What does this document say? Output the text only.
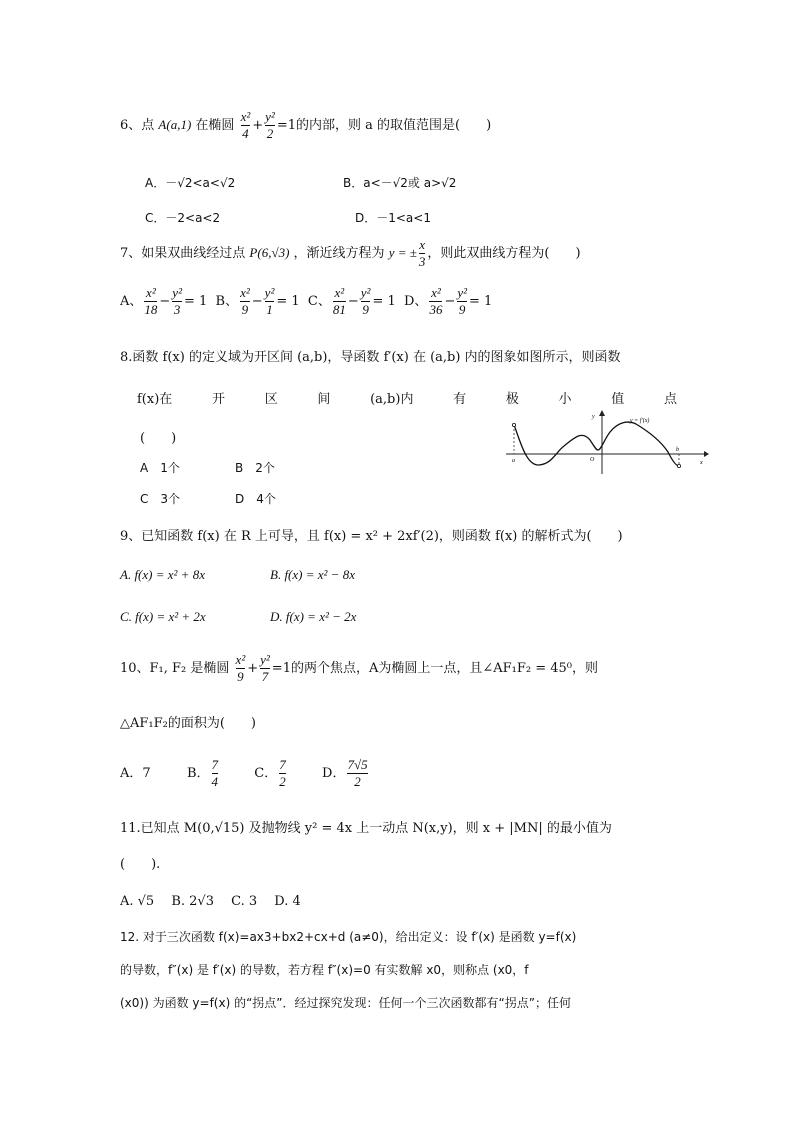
6、点 A(a,1) 在椭圆 $\frac{\text{x²}}{4} + \frac{\text{y²}}{2} =1$的内部，则 a 的取值范围是(　　)
A．－√2<a<√2	B．a<－√2或 a>√2
C．－2<a<2	D．－1<a<1
7、如果双曲线经过点 P(6,√3) ，渐近线方程为 y = ± $\frac{x}{3}$ ，则此双曲线方程为(　　)
A、 $\frac{\text{x²}}{18} - \frac{\text{y²}}{3} = 1$ B、 $\frac{\text{x²}}{9} - \frac{\text{y²}}{1} = 1$ C、 $\frac{\text{x²}}{81} - \frac{\text{y²}}{9} = 1$ D、 $\frac{\text{x²}}{36} - \frac{\text{y²}}{9} = 1$
8.函数 f(x) 的定义域为开区间 (a,b)，导函数 f′(x) 在 (a,b) 内的图象如图所示，则函数
f(x)在	开	区	间	(a,b)内	有	极	小	值	点
(　　)
A　1个	B　2个
C　3个	D　4个
a
b
O
y
x
y = f′(x)
9、已知函数 f(x) 在 R 上可导，且 f(x) = x² + 2xf′(2)，则函数 f(x) 的解析式为(　　)
A. f(x) = x² + 8x	B. f(x) = x² − 8x
C. f(x) = x² + 2x	D. f(x) = x² − 2x
10、F₁, F₂ 是椭圆 $\frac{\text{x²}}{9} + \frac{\text{y²}}{7} =1$的两个焦点，A为椭圆上一点，且∠AF₁F₂ = 45⁰，则
△AF₁F₂的面积为(　　)
A．7	B． $\frac{7}{4}$	C． $\frac{7}{2}$	D． $\frac{7√5}{2}$
11.已知点 M(0,√15) 及抛物线 y² = 4x 上一动点 N(x,y)，则 x + |MN| 的最小值为
(　　).
A. √5　 B. 2√3　 C. 3　 D. 4
12. 对于三次函数 f(x)=ax3+bx2+cx+d (a≠0)，给出定义：设 f′(x) 是函数 y=f(x)
的导数，f″(x) 是 f′(x) 的导数，若方程 f″(x)=0 有实数解 x0，则称点 (x0，f
(x0)) 为函数 y=f(x) 的“拐点”．经过探究发现：任何一个三次函数都有“拐点”；任何
